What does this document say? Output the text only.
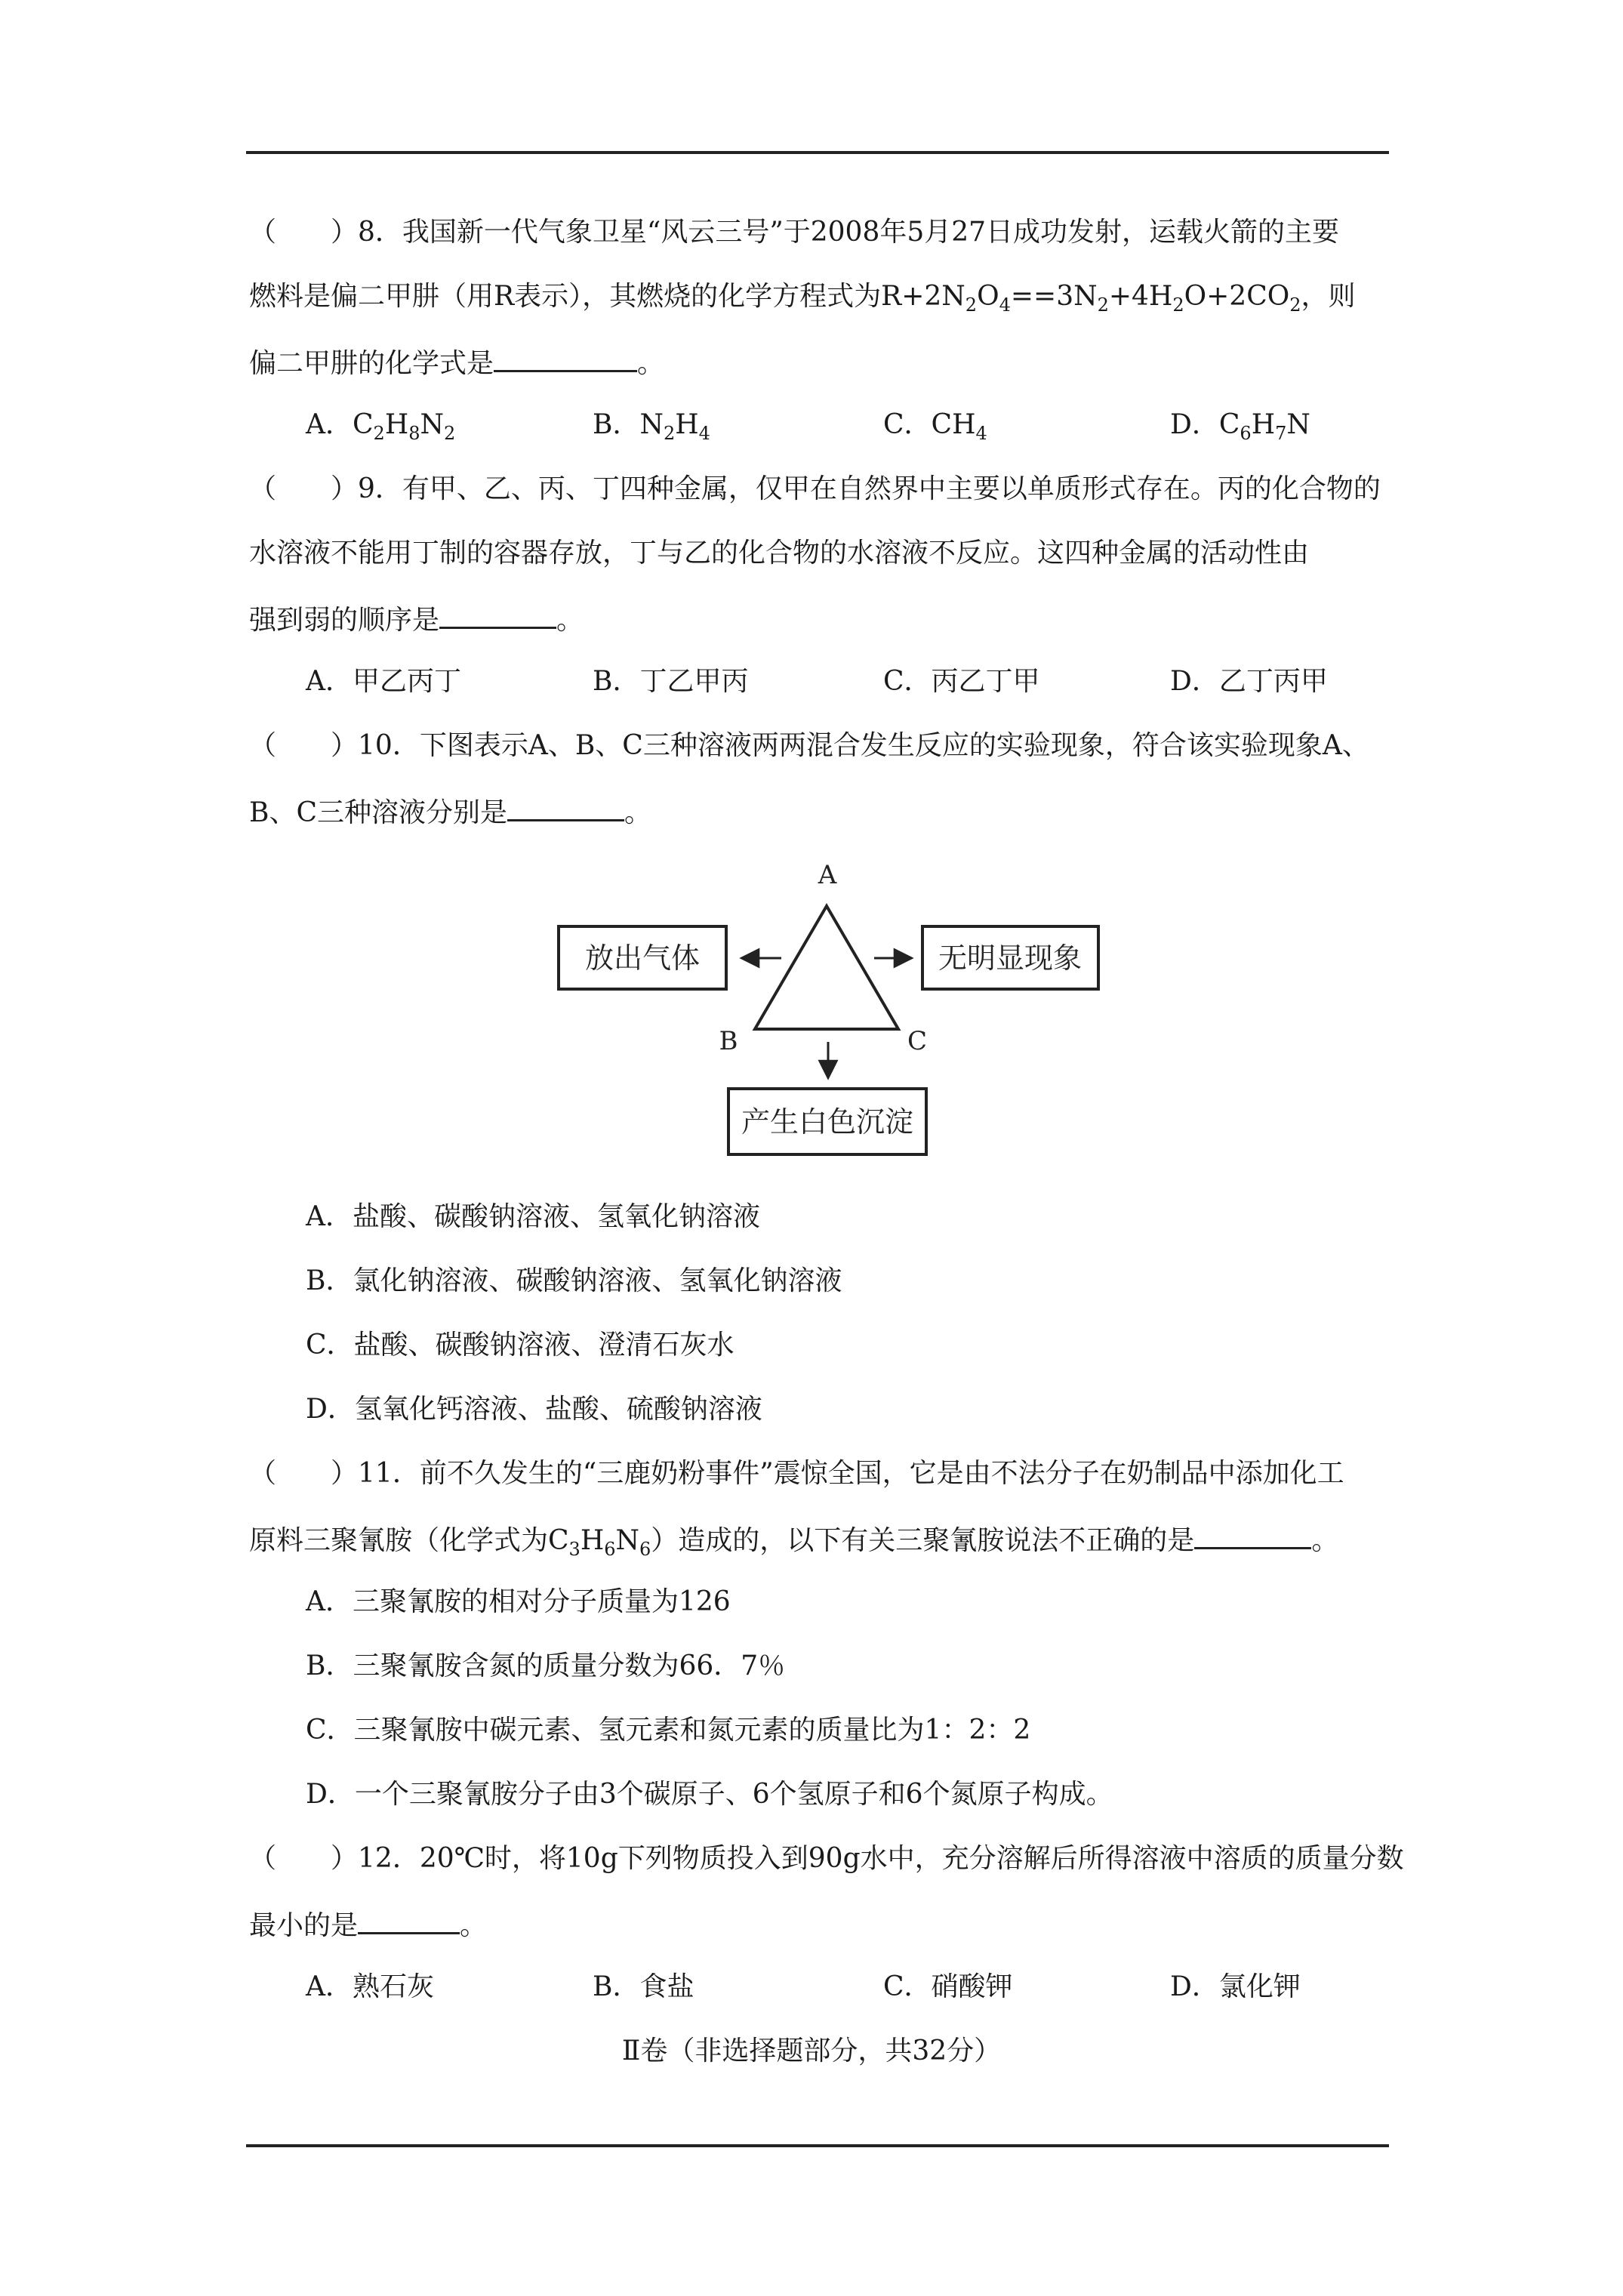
（　　）8．我国新一代气象卫星“风云三号”于2008年5月27日成功发射，运载火箭的主要
燃料是偏二甲肼（用R表示），其燃烧的化学方程式为$R+2N_2O_4==3N_2+4H_2O+2CO_2$，则
偏二甲肼的化学式是	。
A．$C_2H_8N_2$	B．$N_2H_4$	C．$CH_4$	D．$C_6H_7N$
（　　）9．有甲、乙、丙、丁四种金属，仅甲在自然界中主要以单质形式存在。丙的化合物的
水溶液不能用丁制的容器存放，丁与乙的化合物的水溶液不反应。这四种金属的活动性由
强到弱的顺序是	。
A．甲乙丙丁	B．丁乙甲丙	C．丙乙丁甲	D．乙丁丙甲
（　　）10．下图表示A、B、C三种溶液两两混合发生反应的实验现象，符合该实验现象A、
B、C三种溶液分别是	。
A
B	C
放出气体	无明显现象
产生白色沉淀
A．盐酸、碳酸钠溶液、氢氧化钠溶液
B．氯化钠溶液、碳酸钠溶液、氢氧化钠溶液
C．盐酸、碳酸钠溶液、澄清石灰水
D．氢氧化钙溶液、盐酸、硫酸钠溶液
（　　）11．前不久发生的“三鹿奶粉事件”震惊全国，它是由不法分子在奶制品中添加化工
原料三聚氰胺（化学式为$C_3H_6N_6$）造成的，以下有关三聚氰胺说法不正确的是	。
A．三聚氰胺的相对分子质量为126
B．三聚氰胺含氮的质量分数为66．7％
C．三聚氰胺中碳元素、氢元素和氮元素的质量比为1：2：2
D．一个三聚氰胺分子由3个碳原子、6个氢原子和6个氮原子构成。
（　　）12．20℃时，将10g下列物质投入到90g水中，充分溶解后所得溶液中溶质的质量分数
最小的是	。
A．熟石灰	B．食盐	C．硝酸钾	D．氯化钾
Ⅱ卷（非选择题部分，共32分）
